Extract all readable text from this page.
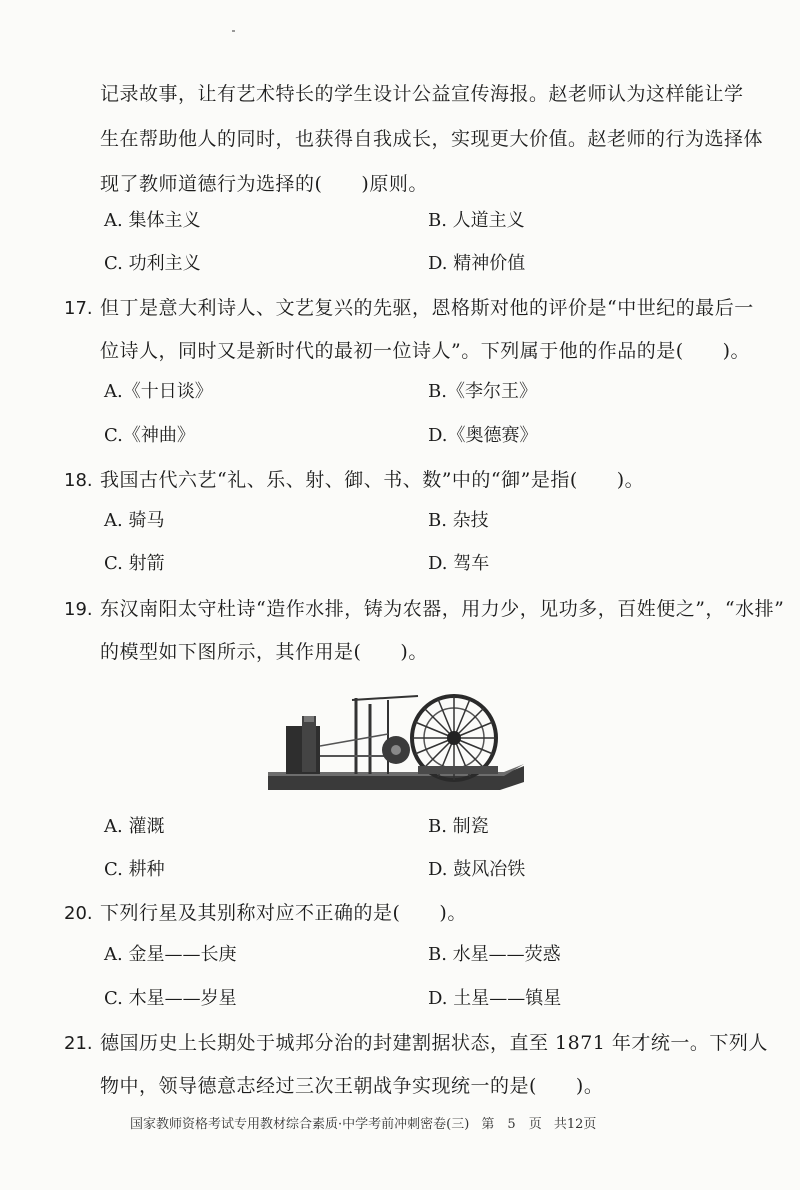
记录故事，让有艺术特长的学生设计公益宣传海报。赵老师认为这样能让学
生在帮助他人的同时，也获得自我成长，实现更大价值。赵老师的行为选择体
现了教师道德行为选择的(　　)原则。
A. 集体主义	B. 人道主义
C. 功利主义	D. 精神价值
17. 但丁是意大利诗人、文艺复兴的先驱，恩格斯对他的评价是“中世纪的最后一
位诗人，同时又是新时代的最初一位诗人”。下列属于他的作品的是(　　)。
A.《十日谈》	B.《李尔王》
C.《神曲》	D.《奥德赛》
18. 我国古代六艺“礼、乐、射、御、书、数”中的“御”是指(　　)。
A. 骑马	B. 杂技
C. 射箭	D. 驾车
19. 东汉南阳太守杜诗“造作水排，铸为农器，用力少，见功多，百姓便之”，“水排”
的模型如下图所示，其作用是(　　)。
A. 灌溉	B. 制瓷
C. 耕种	D. 鼓风冶铁
20. 下列行星及其别称对应不正确的是(　　)。
A. 金星——长庚	B. 水星——荧惑
C. 木星——岁星	D. 土星——镇星
21. 德国历史上长期处于城邦分治的封建割据状态，直至 1871 年才统一。下列人
物中，领导德意志经过三次王朝战争实现统一的是(　　)。
国家教师资格考试专用教材综合素质·中学考前冲刺密卷(三) 第　5　页 共12页
